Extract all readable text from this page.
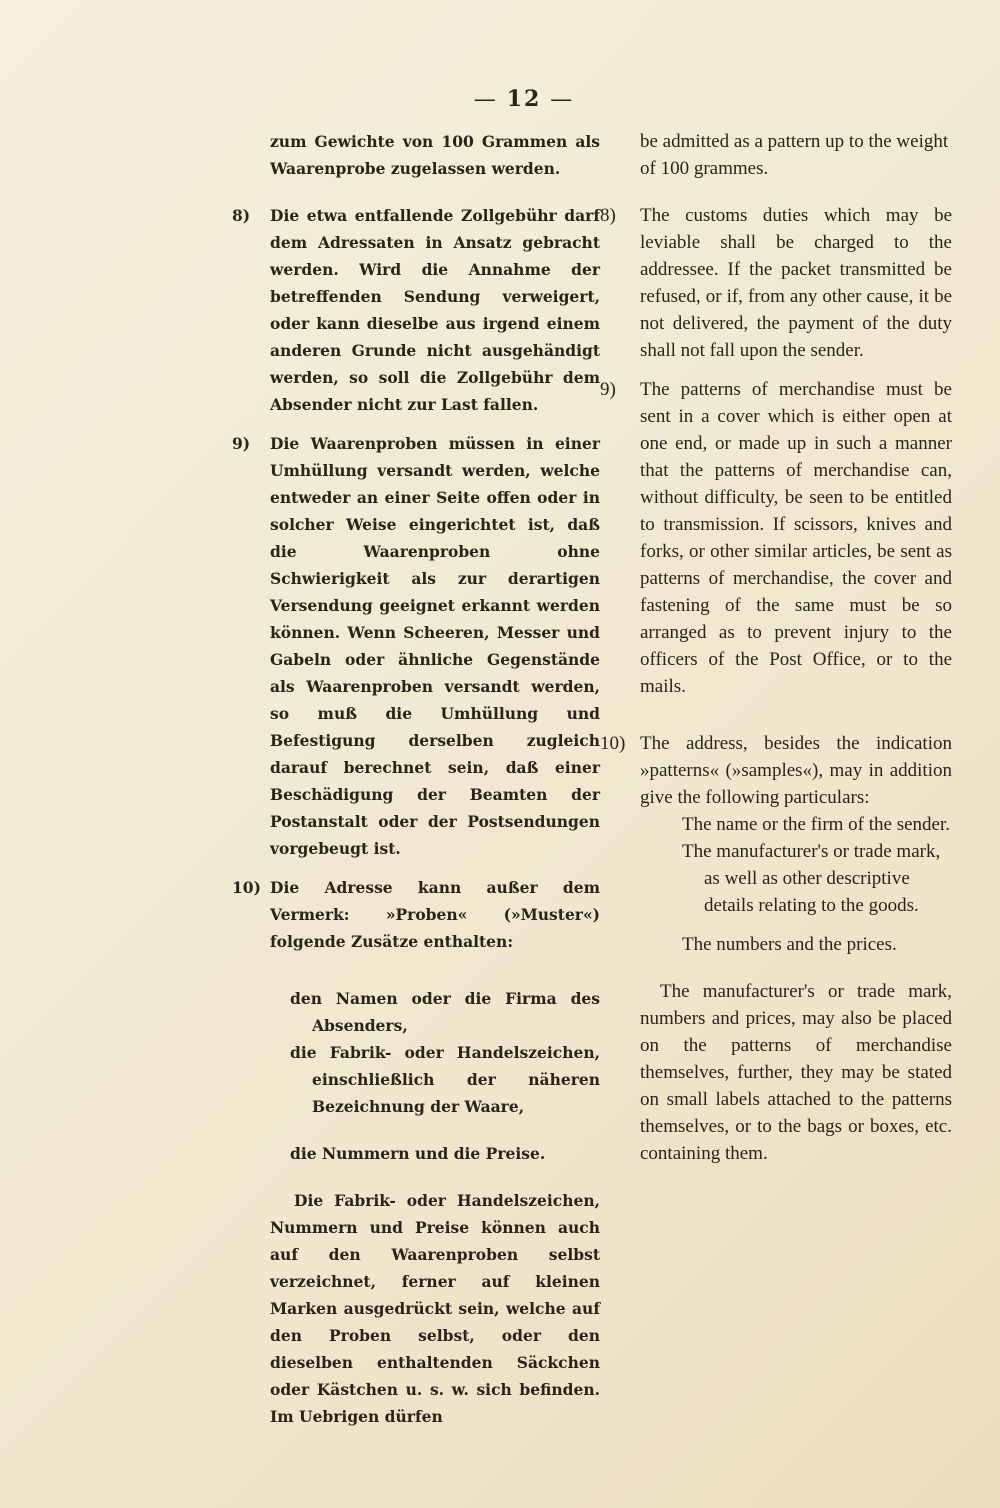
— 12 —
zum Gewichte von 100 Grammen als Waarenprobe zugelassen werden.
8) Die etwa entfallende Zollgebühr darf dem Adressaten in Ansatz gebracht werden. Wird die Annahme der betreffenden Sendung verweigert, oder kann dieselbe aus irgend einem anderen Grunde nicht ausgehändigt werden, so soll die Zollgebühr dem Absender nicht zur Last fallen.
9) Die Waarenproben müssen in einer Umhüllung versandt werden, welche entweder an einer Seite offen oder in solcher Weise eingerichtet ist, daß die Waarenproben ohne Schwierigkeit als zur derartigen Versendung geeignet erkannt werden können. Wenn Scheeren, Messer und Gabeln oder ähnliche Gegenstände als Waarenproben versandt werden, so muß die Umhüllung und Befestigung derselben zugleich darauf berechnet sein, daß einer Beschädigung der Beamten der Postanstalt oder der Postsendungen vorgebeugt ist.
10) Die Adresse kann außer dem Vermerk: »Proben« (»Muster«) folgende Zusätze enthalten:
den Namen oder die Firma des Absenders,
die Fabrik- oder Handelszeichen, einschließlich der näheren Bezeichnung der Waare,
die Nummern und die Preise.
Die Fabrik- oder Handelszeichen, Nummern und Preise können auch auf den Waarenproben selbst verzeichnet, ferner auf kleinen Marken ausgedrückt sein, welche auf den Proben selbst, oder den dieselben enthaltenden Säckchen oder Kästchen u. s. w. sich befinden. Im Uebrigen dürfen
be admitted as a pattern up to the weight of 100 grammes.
8) The customs duties which may be leviable shall be charged to the addressee. If the packet transmitted be refused, or if, from any other cause, it be not delivered, the payment of the duty shall not fall upon the sender.
9) The patterns of merchandise must be sent in a cover which is either open at one end, or made up in such a manner that the patterns of merchandise can, without difficulty, be seen to be entitled to transmission. If scissors, knives and forks, or other similar articles, be sent as patterns of merchandise, the cover and fastening of the same must be so arranged as to prevent injury to the officers of the Post Office, or to the mails.
10) The address, besides the indication »patterns« (»samples«), may in addition give the following particulars:
The name or the firm of the sender.
The manufacturer's or trade mark, as well as other descriptive details relating to the goods.
The numbers and the prices.
The manufacturer's or trade mark, numbers and prices, may also be placed on the patterns of merchandise themselves, further, they may be stated on small labels attached to the patterns themselves, or to the bags or boxes, etc. containing them.
